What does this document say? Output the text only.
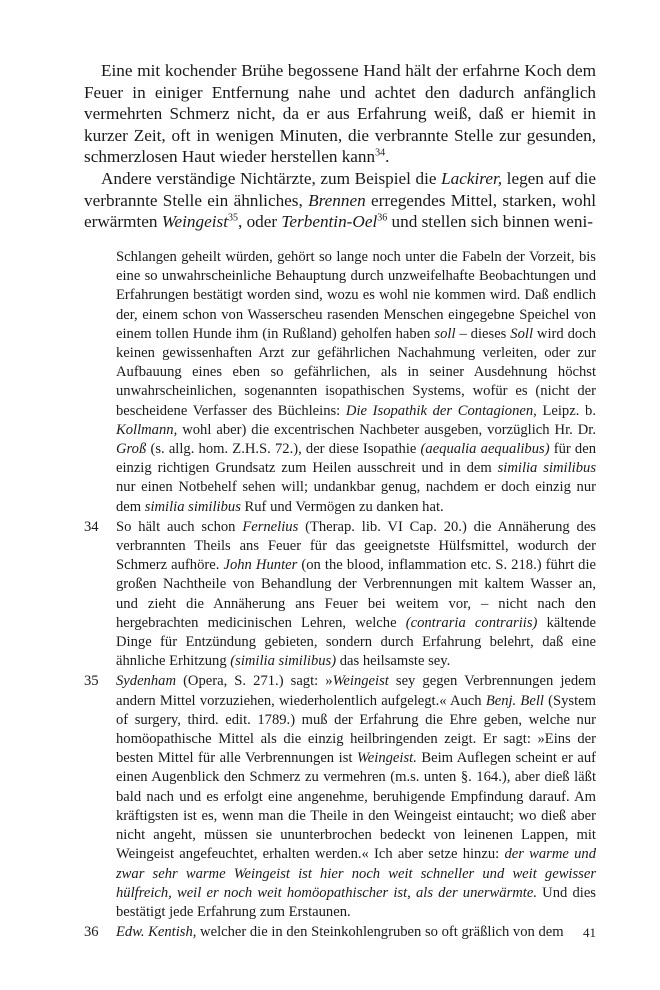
Eine mit kochender Brühe begossene Hand hält der erfahrne Koch dem Feuer in einiger Entfernung nahe und achtet den dadurch anfänglich vermehrten Schmerz nicht, da er aus Erfahrung weiß, daß er hiemit in kurzer Zeit, oft in wenigen Minuten, die verbrannte Stelle zur gesunden, schmerzlosen Haut wieder herstellen kann$^{34}$.

Andere verständige Nichtärzte, zum Beispiel die Lackirer, legen auf die verbrannte Stelle ein ähnliches, Brennen erregendes Mittel, starken, wohl erwärmten Weingeist$^{35}$, oder Terbentin-Oel$^{36}$ und stellen sich binnen weni-

Schlangen geheilt würden, gehört so lange noch unter die Fabeln der Vorzeit, bis eine so unwahrscheinliche Behauptung durch unzweifelhafte Beobachtungen und Erfahrungen bestätigt worden sind, wozu es wohl nie kommen wird. Daß endlich der, einem schon von Wasserscheu rasenden Menschen eingegebne Speichel von einem tollen Hunde ihm (in Rußland) geholfen haben soll – dieses Soll wird doch keinen gewissenhaften Arzt zur gefährlichen Nachahmung verleiten, oder zur Aufbauung eines eben so gefährlichen, als in seiner Ausdehnung höchst unwahrscheinlichen, sogenannten isopathischen Systems, wofür es (nicht der bescheidene Verfasser des Büchleins: Die Isopathik der Contagionen, Leipz. b. Kollmann, wohl aber) die excentrischen Nachbeter ausgeben, vorzüglich Hr. Dr. Groß (s. allg. hom. Z.H.S. 72.), der diese Isopathie (aequalia aequalibus) für den einzig richtigen Grundsatz zum Heilen ausschreit und in dem similia similibus nur einen Notbehelf sehen will; undankbar genug, nachdem er doch einzig nur dem similia similibus Ruf und Vermögen zu danken hat.
34 So hält auch schon Fernelius (Therap. lib. VI Cap. 20.) die Annäherung des verbrannten Theils ans Feuer für das geeignetste Hülfsmittel, wodurch der Schmerz aufhöre. John Hunter (on the blood, inflammation etc. S. 218.) führt die großen Nachtheile von Behandlung der Verbrennungen mit kaltem Wasser an, und zieht die Annäherung ans Feuer bei weitem vor, – nicht nach den hergebrachten medicinischen Lehren, welche (contraria contrariis) kältende Dinge für Entzündung gebieten, sondern durch Erfahrung belehrt, daß eine ähnliche Erhitzung (similia similibus) das heilsamste sey.
35 Sydenham (Opera, S. 271.) sagt: »Weingeist sey gegen Verbrennungen jedem andern Mittel vorzuziehen, wiederholentlich aufgelegt.« Auch Benj. Bell (System of surgery, third. edit. 1789.) muß der Erfahrung die Ehre geben, welche nur homöopathische Mittel als die einzig heilbringenden zeigt. Er sagt: »Eins der besten Mittel für alle Verbrennungen ist Weingeist. Beim Auflegen scheint er auf einen Augenblick den Schmerz zu vermehren (m.s. unten §. 164.), aber dieß läßt bald nach und es erfolgt eine angenehme, beruhigende Empfindung darauf. Am kräftigsten ist es, wenn man die Theile in den Weingeist eintaucht; wo dieß aber nicht angeht, müssen sie ununterbrochen bedeckt von leinenen Lappen, mit Weingeist angefeuchtet, erhalten werden.« Ich aber setze hinzu: der warme und zwar sehr warme Weingeist ist hier noch weit schneller und weit gewisser hülfreich, weil er noch weit homöopathischer ist, als der unerwärmte. Und dies bestätigt jede Erfahrung zum Erstaunen.
36 Edw. Kentish, welcher die in den Steinkohlengruben so oft gräßlich von dem	41
